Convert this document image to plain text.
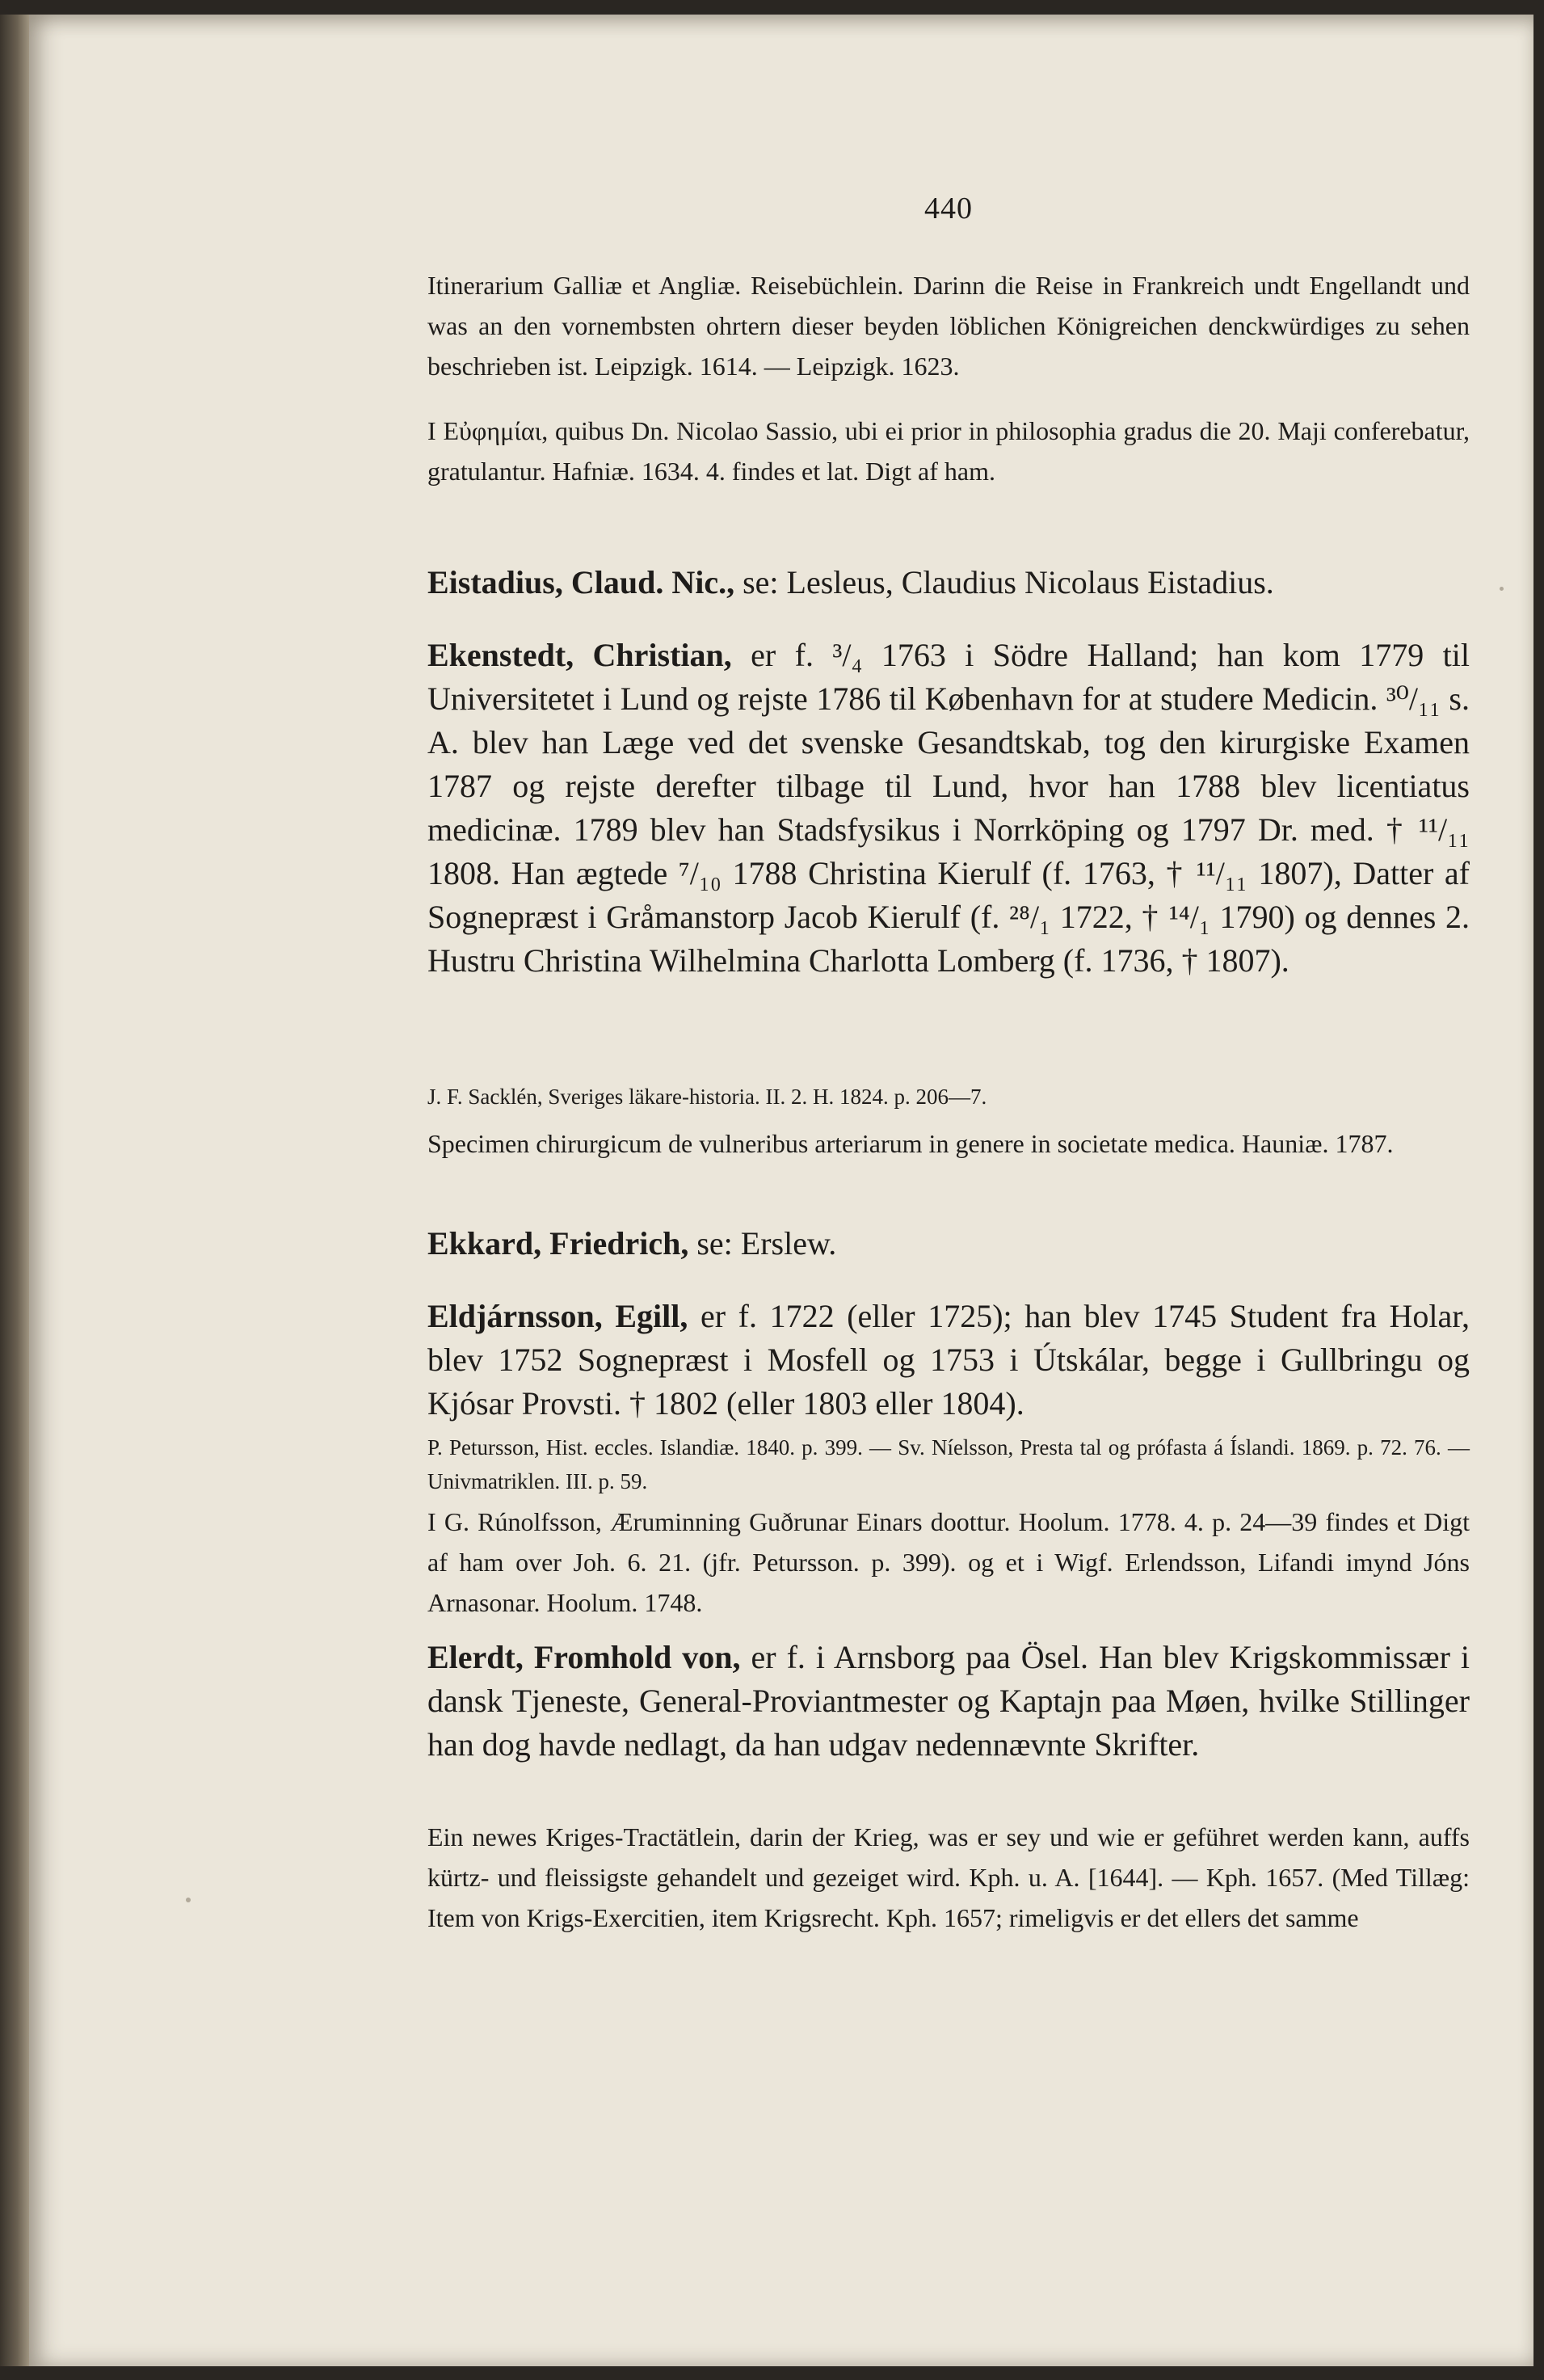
440

Itinerarium Galliæ et Angliæ. Reisebüchlein. Darinn die Reise in Frankreich undt Engellandt und was an den vornembsten ohrtern dieser beyden löblichen Königreichen denckwürdiges zu sehen beschrieben ist. Leipzigk. 1614. — Leipzigk. 1623.

I Εὐφημίαι, quibus Dn. Nicolao Sassio, ubi ei prior in philosophia gradus die 20. Maji conferebatur, gratulantur. Hafniæ. 1634. 4. findes et lat. Digt af ham.

Eistadius, Claud. Nic., se: Lesleus, Claudius Nicolaus Eistadius.

Ekenstedt, Christian, er f. ³/₄ 1763 i Södre Halland; han kom 1779 til Universitetet i Lund og rejste 1786 til København for at studere Medicin. ³⁰/₁₁ s. A. blev han Læge ved det svenske Gesandtskab, tog den kirurgiske Examen 1787 og rejste derefter tilbage til Lund, hvor han 1788 blev licentiatus medicinæ. 1789 blev han Stadsfysikus i Norrköping og 1797 Dr. med. † ¹¹/₁₁ 1808. Han ægtede ⁷/₁₀ 1788 Christina Kierulf (f. 1763, † ¹¹/₁₁ 1807), Datter af Sognepræst i Gråmanstorp Jacob Kierulf (f. ²⁸/₁ 1722, † ¹⁴/₁ 1790) og dennes 2. Hustru Christina Wilhelmina Charlotta Lomberg (f. 1736, † 1807).

J. F. Sacklén, Sveriges läkare-historia. II. 2. H. 1824. p. 206—7.

Specimen chirurgicum de vulneribus arteriarum in genere in societate medica. Hauniæ. 1787.

Ekkard, Friedrich, se: Erslew.

Eldjárnsson, Egill, er f. 1722 (eller 1725); han blev 1745 Student fra Holar, blev 1752 Sognepræst i Mosfell og 1753 i Útskálar, begge i Gullbringu og Kjósar Provsti. † 1802 (eller 1803 eller 1804).

P. Petursson, Hist. eccles. Islandiæ. 1840. p. 399. — Sv. Níelsson, Presta tal og prófasta á Íslandi. 1869. p. 72. 76. — Univmatriklen. III. p. 59.

I G. Rúnolfsson, Æruminning Guðrunar Einars doottur. Hoolum. 1778. 4. p. 24—39 findes et Digt af ham over Joh. 6. 21. (jfr. Petursson. p. 399). og et i Wigf. Erlendsson, Lifandi imynd Jóns Arnasonar. Hoolum. 1748.

Elerdt, Fromhold von, er f. i Arnsborg paa Ösel. Han blev Krigskommissær i dansk Tjeneste, General-Proviantmester og Kaptajn paa Møen, hvilke Stillinger han dog havde nedlagt, da han udgav nedennævnte Skrifter.

Ein newes Kriges-Tractätlein, darin der Krieg, was er sey und wie er geführet werden kann, auffs kürtz- und fleissigste gehandelt und gezeiget wird. Kph. u. A. [1644]. — Kph. 1657. (Med Tillæg: Item von Krigs-Exercitien, item Krigsrecht. Kph. 1657; rimeligvis er det ellers det samme
